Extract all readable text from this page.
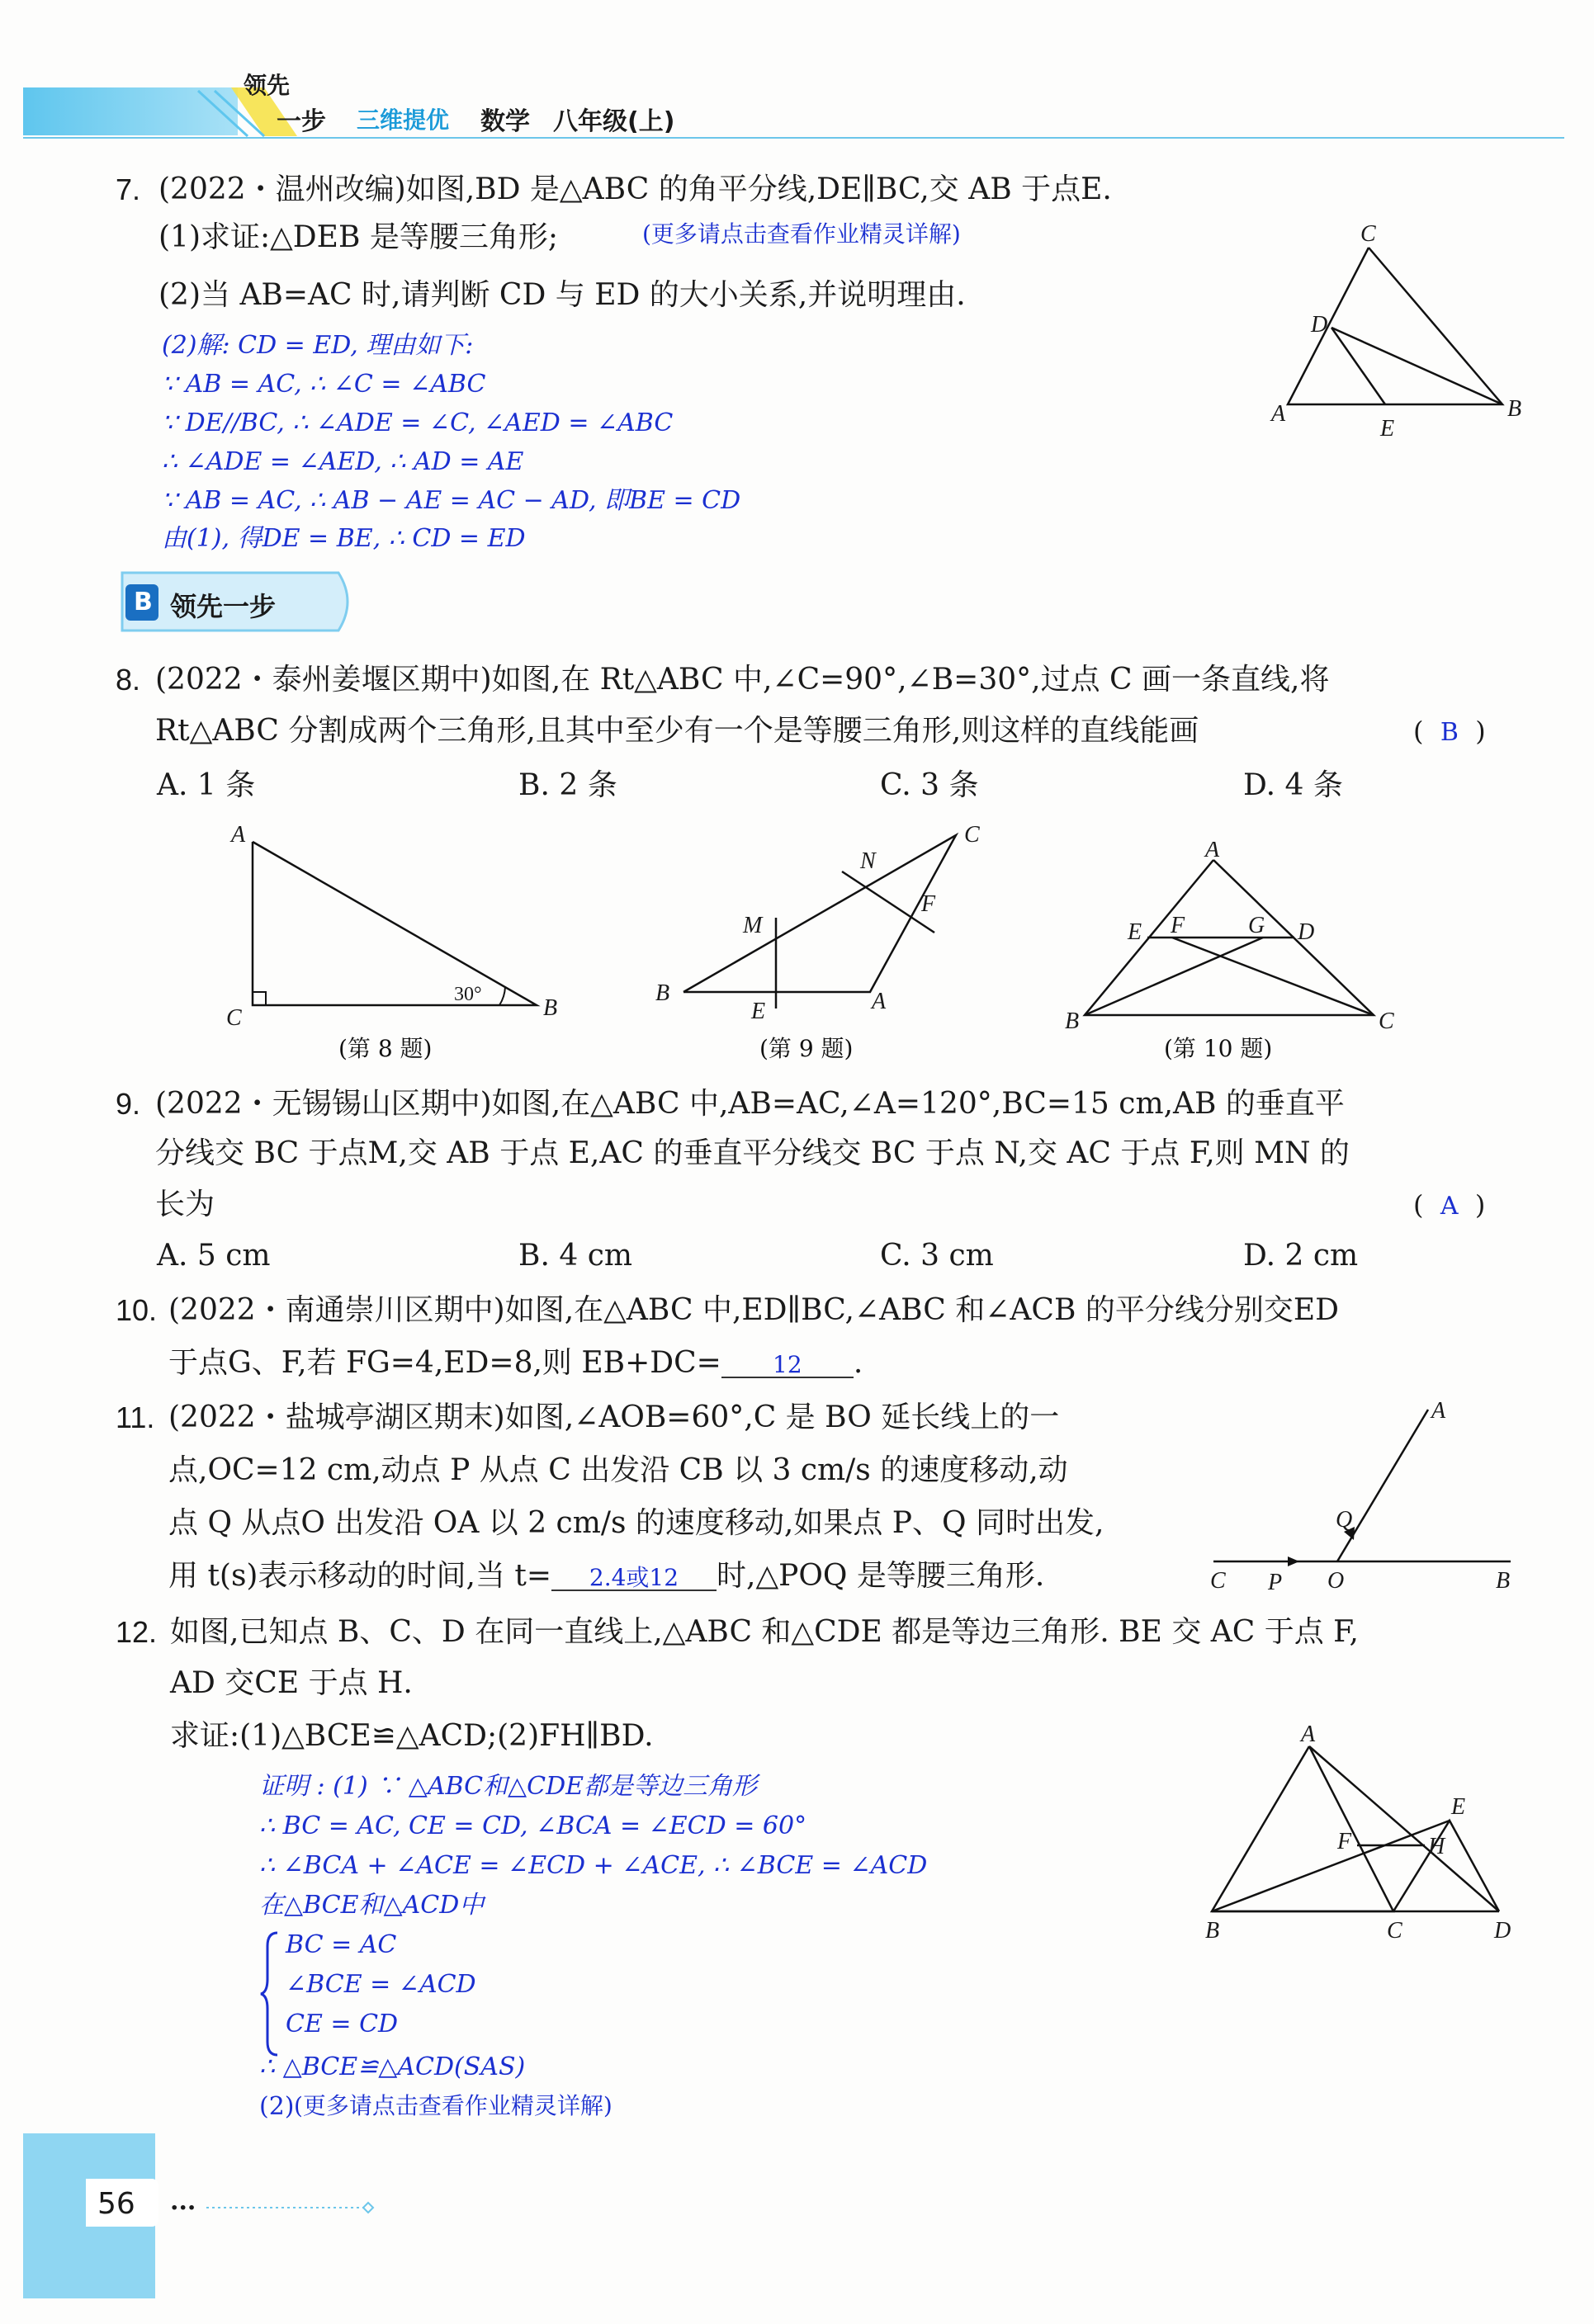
领先
一步 三维提优 数学 八年级(上)
7. (2022・温州改编)如图,BD 是△ABC 的角平分线,DE∥BC,交 AB 于点E.
(1)求证:△DEB 是等腰三角形;	(更多请点击查看作业精灵详解)
(2)当 AB=AC 时,请判断 CD 与 ED 的大小关系,并说明理由.
(2)解: CD = ED, 理由如下:
∵ AB = AC, ∴ ∠C = ∠ABC
∵ DE//BC, ∴ ∠ADE = ∠C, ∠AED = ∠ABC
∴ ∠ADE = ∠AED, ∴ AD = AE
∵ AB = AC, ∴ AB − AE = AC − AD, 即BE = CD
由(1), 得DE = BE, ∴ CD = ED
C
D
A
E
B
B 领先一步
8. (2022・泰州姜堰区期中)如图,在 Rt△ABC 中,∠C=90°,∠B=30°,过点 C 画一条直线,将
Rt△ABC 分割成两个三角形,且其中至少有一个是等腰三角形,则这样的直线能画	(  B  )
A. 1 条	B. 2 条	C. 3 条	D. 4 条
A
C	B
30°
(第 8 题)
C
N
F
M
B
E	A
(第 9 题)
A
E F	G D
B	C
(第 10 题)
9. (2022・无锡锡山区期中)如图,在△ABC 中,AB=AC,∠A=120°,BC=15 cm,AB 的垂直平
分线交 BC 于点M,交 AB 于点 E,AC 的垂直平分线交 BC 于点 N,交 AC 于点 F,则 MN 的
长为	(  A  )
A. 5 cm	B. 4 cm	C. 3 cm	D. 2 cm
10. (2022・南通崇川区期中)如图,在△ABC 中,ED∥BC,∠ABC 和∠ACB 的平分线分别交ED
于点G、F,若 FG=4,ED=8,则 EB+DC= 12 .
11. (2022・盐城亭湖区期末)如图,∠AOB=60°,C 是 BO 延长线上的一
点,OC=12 cm,动点 P 从点 C 出发沿 CB 以 3 cm/s 的速度移动,动
点 Q 从点O 出发沿 OA 以 2 cm/s 的速度移动,如果点 P、Q 同时出发,
用 t(s)表示移动的时间,当 t= 2.4或12 时,△POQ 是等腰三角形.
A
Q
C P O	B
12. 如图,已知点 B、C、D 在同一直线上,△ABC 和△CDE 都是等边三角形. BE 交 AC 于点 F,
AD 交CE 于点 H.
求证:(1)△BCE≌△ACD;(2)FH∥BD.
证明 : (1) ∵ △ABC和△CDE都是等边三角形
∴ BC = AC, CE = CD, ∠BCA = ∠ECD = 60°
∴ ∠BCA + ∠ACE = ∠ECD + ∠ACE, ∴ ∠BCE = ∠ACD
在△BCE和△ACD中
BC = AC
∠BCE = ∠ACD
CE = CD
∴ △BCE≌△ACD(SAS)
(2) (更多请点击查看作业精灵详解)
A
E
F	H
B	C	D
56 ···
